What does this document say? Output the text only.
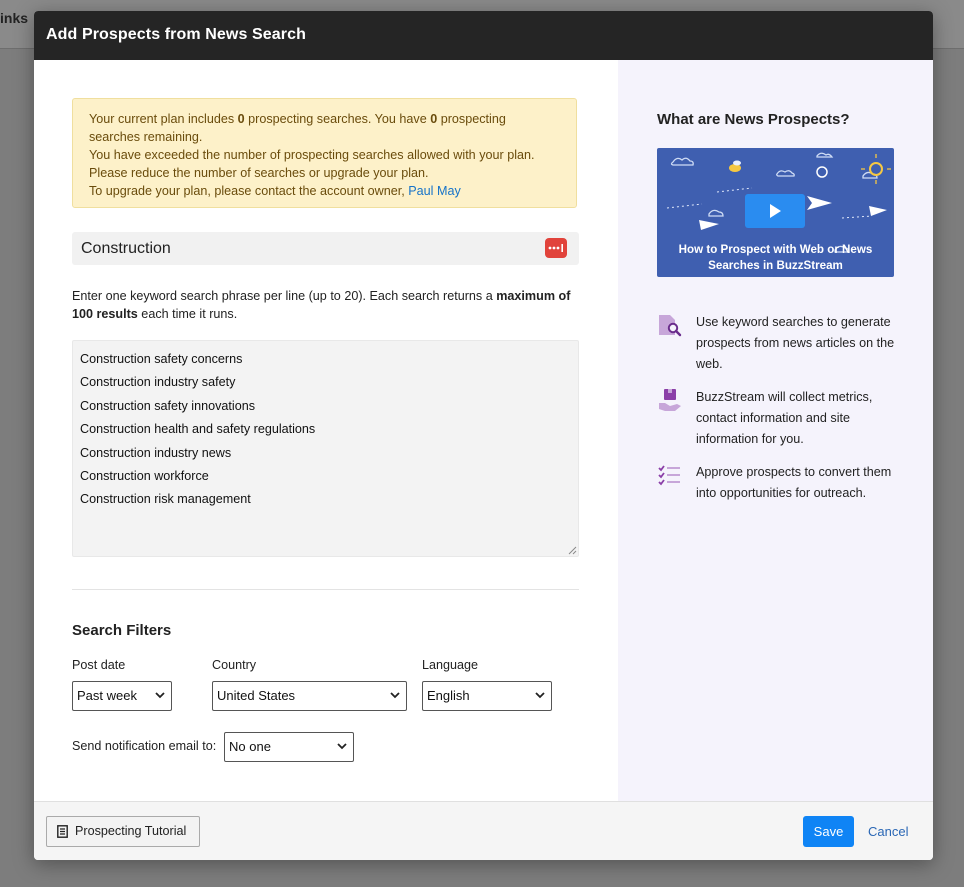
inks
Add Prospects from News Search
Your current plan includes 0 prospecting searches. You have 0 prospecting searches remaining.
You have exceeded the number of prospecting searches allowed with your plan.
Please reduce the number of searches or upgrade your plan.
To upgrade your plan, please contact the account owner, Paul May
Construction
Enter one keyword search phrase per line (up to 20). Each search returns a maximum of 100 results each time it runs.
Construction safety concerns
Construction industry safety
Construction safety innovations
Construction health and safety regulations
Construction industry news
Construction workforce
Construction risk management
Search Filters
Post date
Past week
Country
United States
Language
English
Send notification email to: No one
What are News Prospects?
How to Prospect with Web or News
Searches in BuzzStream
Use keyword searches to generate prospects from news articles on the web.
BuzzStream will collect metrics, contact information and site information for you.
Approve prospects to convert them into opportunities for outreach.
Prospecting Tutorial	Save	Cancel
